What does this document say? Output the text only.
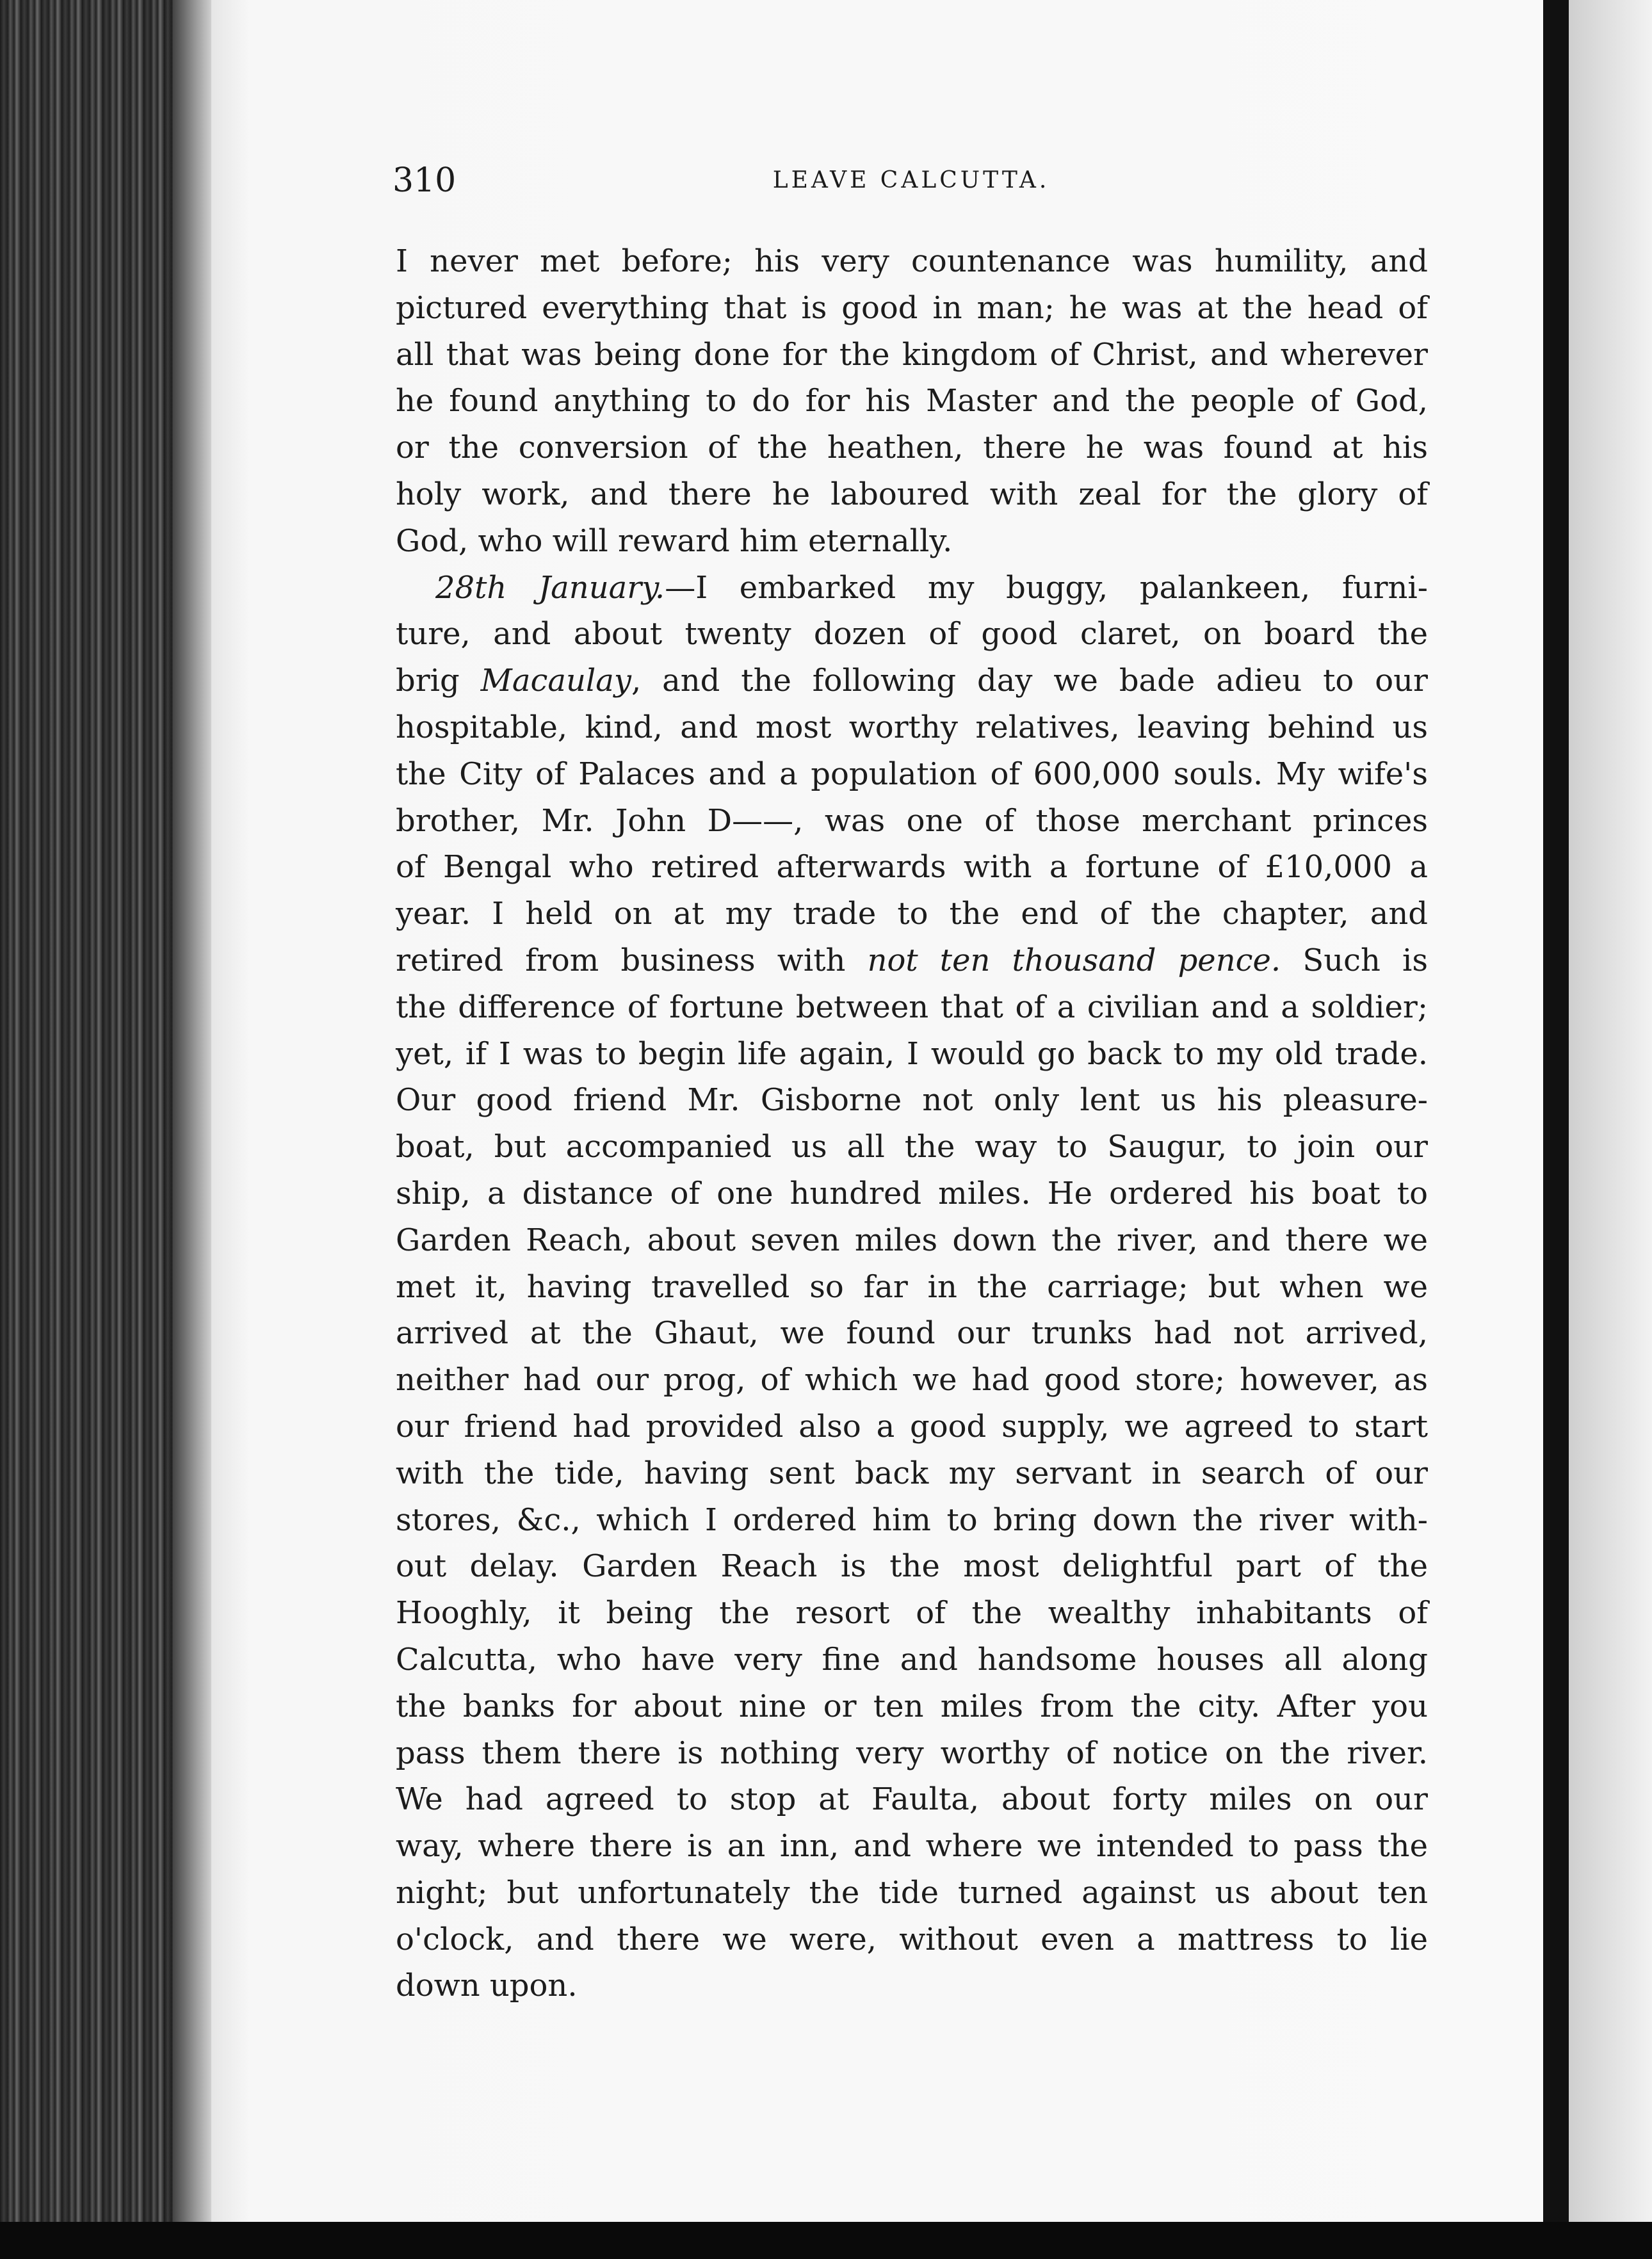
310	LEAVE CALCUTTA.
I never met before; his very countenance was humility, and
pictured everything that is good in man; he was at the head of
all that was being done for the kingdom of Christ, and wherever
he found anything to do for his Master and the people of God,
or the conversion of the heathen, there he was found at his
holy work, and there he laboured with zeal for the glory of
God, who will reward him eternally.
28th January.—I embarked my buggy, palankeen, furni-
ture, and about twenty dozen of good claret, on board the
brig Macaulay, and the following day we bade adieu to our
hospitable, kind, and most worthy relatives, leaving behind us
the City of Palaces and a population of 600,000 souls. My wife's
brother, Mr. John D——, was one of those merchant princes
of Bengal who retired afterwards with a fortune of £10,000 a
year. I held on at my trade to the end of the chapter, and
retired from business with not ten thousand pence. Such is
the difference of fortune between that of a civilian and a soldier;
yet, if I was to begin life again, I would go back to my old trade.
Our good friend Mr. Gisborne not only lent us his pleasure-
boat, but accompanied us all the way to Saugur, to join our
ship, a distance of one hundred miles. He ordered his boat to
Garden Reach, about seven miles down the river, and there we
met it, having travelled so far in the carriage; but when we
arrived at the Ghaut, we found our trunks had not arrived,
neither had our prog, of which we had good store; however, as
our friend had provided also a good supply, we agreed to start
with the tide, having sent back my servant in search of our
stores, &c., which I ordered him to bring down the river with-
out delay. Garden Reach is the most delightful part of the
Hooghly, it being the resort of the wealthy inhabitants of
Calcutta, who have very fine and handsome houses all along
the banks for about nine or ten miles from the city. After you
pass them there is nothing very worthy of notice on the river.
We had agreed to stop at Faulta, about forty miles on our
way, where there is an inn, and where we intended to pass the
night; but unfortunately the tide turned against us about ten
o'clock, and there we were, without even a mattress to lie
down upon.
